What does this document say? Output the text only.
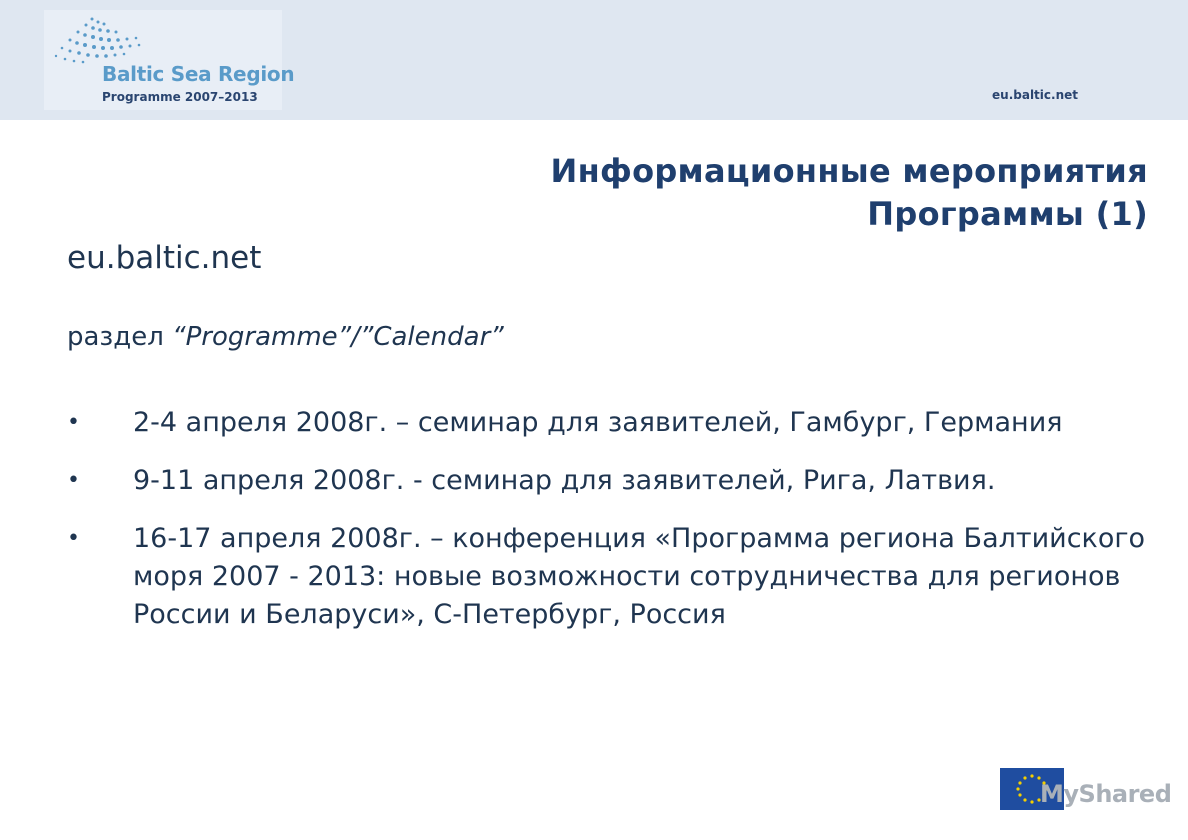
Baltic Sea Region
Programme 2007–2013	eu.baltic.net
Информационные мероприятия
Программы (1)
eu.baltic.net
раздел “Programme”/”Calendar”
• 2-4 апреля 2008г. – семинар для заявителей, Гамбург, Германия
• 9-11 апреля 2008г. - семинар для заявителей, Рига, Латвия.
• 16-17 апреля 2008г. – конференция «Программа региона Балтийского моря 2007 - 2013: новые возможности сотрудничества для регионов России и Беларуси», С-Петербург, Россия
MyShared
